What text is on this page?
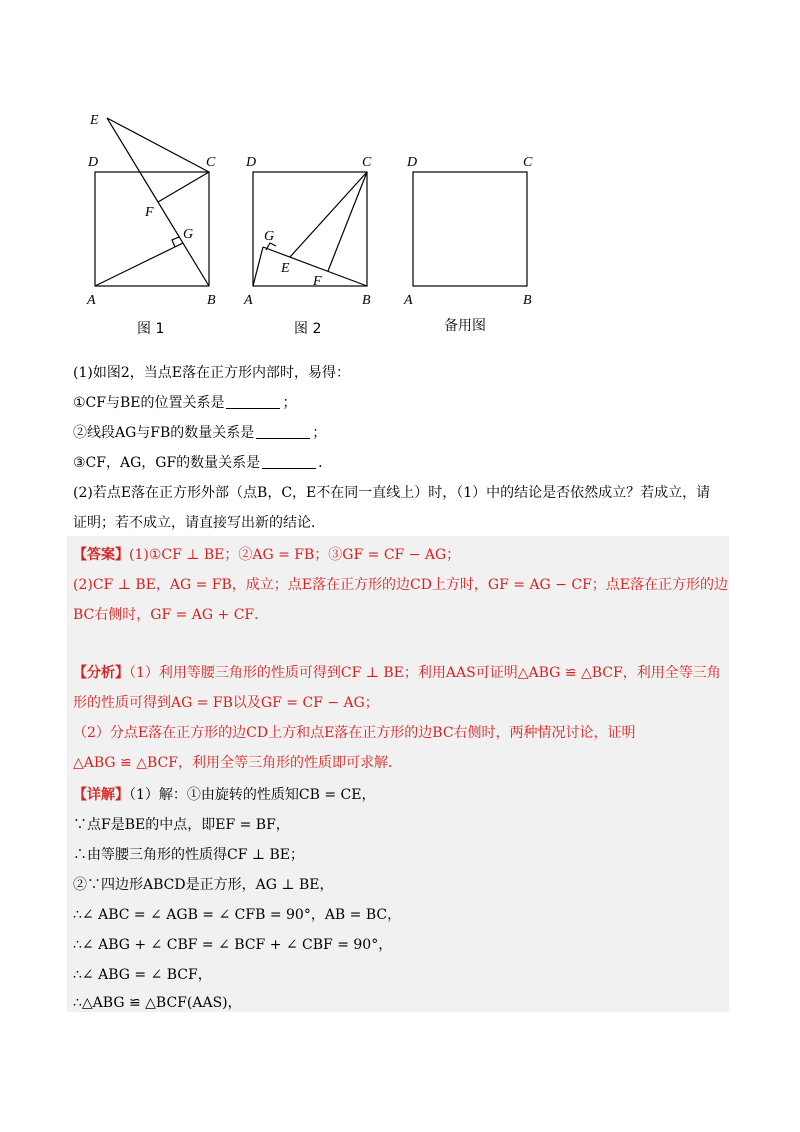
E
D	C
F
G
A	B
图 1
G
D	C
E
F
A	B
图 2
D	C
A	B
备用图
(1)如图2，当点E落在正方形内部时，易得：
①CF与BE的位置关系是	；
②线段AG与FB的数量关系是	；
③CF，AG，GF的数量关系是	.
(2)若点E落在正方形外部（点B，C，E不在同一直线上）时，（1）中的结论是否依然成立？若成立，请
证明；若不成立，请直接写出新的结论．
【答案】(1)①CF ⊥ BE；②AG = FB；③GF = CF − AG；
(2)CF ⊥ BE，AG = FB，成立；点E落在正方形的边CD上方时，GF = AG − CF；点E落在正方形的边
BC右侧时，GF = AG + CF．
【分析】（1）利用等腰三角形的性质可得到CF ⊥ BE；利用AAS可证明△ABG ≌ △BCF，利用全等三角
形的性质可得到AG = FB以及GF = CF − AG；
（2）分点E落在正方形的边CD上方和点E落在正方形的边BC右侧时，两种情况讨论，证明
△ABG ≌ △BCF，利用全等三角形的性质即可求解．
【详解】（1）解：①由旋转的性质知CB = CE，
∵点F是BE的中点，即EF = BF，
∴由等腰三角形的性质得CF ⊥ BE；
②∵四边形ABCD是正方形，AG ⊥ BE，
∴∠ ABC = ∠ AGB = ∠ CFB = 90°，AB = BC，
∴∠ ABG + ∠ CBF = ∠ BCF + ∠ CBF = 90°，
∴∠ ABG = ∠ BCF，
∴△ABG ≌ △BCF(AAS)，
